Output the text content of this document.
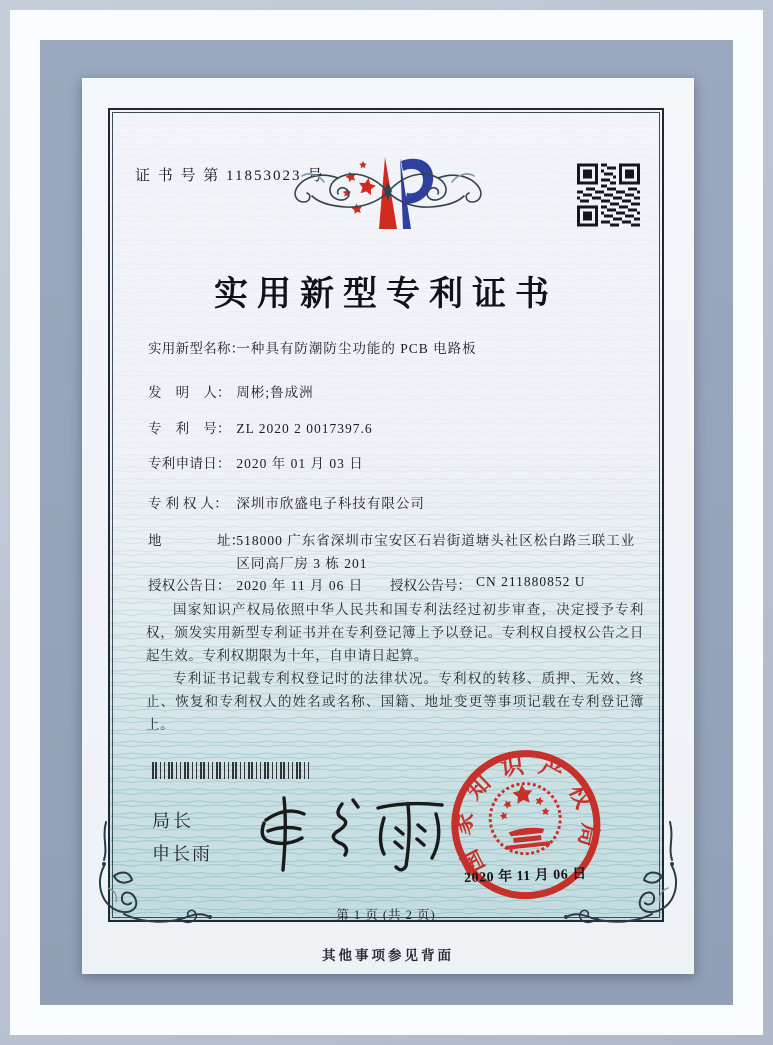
证 书 号 第 11853023 号
实用新型专利证书
实用新型名称： 一种具有防潮防尘功能的 PCB 电路板
发　明　人： 周彬;鲁成洲
专　利　号： ZL 2020 2 0017397.6
专利申请日： 2020 年 01 月 03 日
专 利 权 人： 深圳市欣盛电子科技有限公司
地　　　　址： 518000 广东省深圳市宝安区石岩街道塘头社区松白路三联工业区同高厂房 3 栋 201
授权公告日： 2020 年 11 月 06 日 授权公告号： CN 211880852 U

国家知识产权局依照中华人民共和国专利法经过初步审查，决定授予专利权，颁发实用新型专利证书并在专利登记簿上予以登记。专利权自授权公告之日起生效。专利权期限为十年，自申请日起算。

专利证书记载专利权登记时的法律状况。专利权的转移、质押、无效、终止、恢复和专利权人的姓名或名称、国籍、地址变更等事项记载在专利登记簿上。

局长
申长雨	国家知识产权局
2020 年 11 月 06 日
第 1 页 (共 2 页)
其他事项参见背面
